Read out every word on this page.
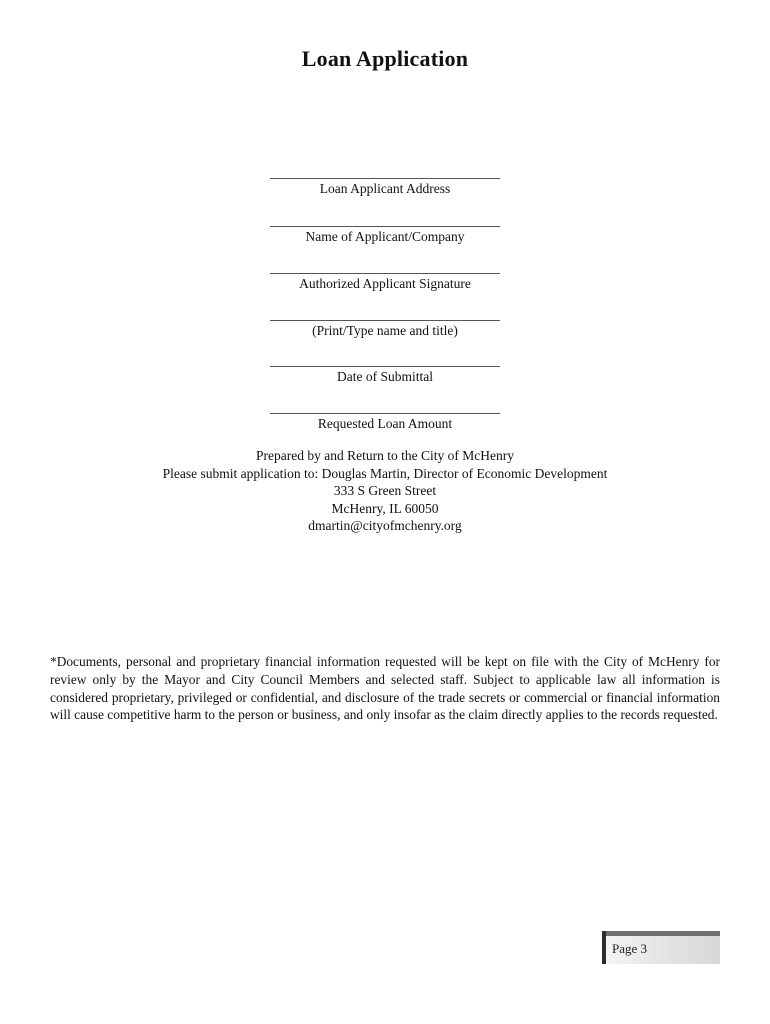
Loan Application
Loan Applicant Address
Name of Applicant/Company
Authorized Applicant Signature
(Print/Type name and title)
Date of Submittal
Requested Loan Amount
Prepared by and Return to the City of McHenry
Please submit application to: Douglas Martin, Director of Economic Development
333 S Green Street
McHenry, IL 60050
dmartin@cityofmchenry.org
*Documents, personal and proprietary financial information requested will be kept on file with the City of McHenry for review only by the Mayor and City Council Members and selected staff. Subject to applicable law all information is considered proprietary, privileged or confidential, and disclosure of the trade secrets or commercial or financial information will cause competitive harm to the person or business, and only insofar as the claim directly applies to the records requested.
Page 3
